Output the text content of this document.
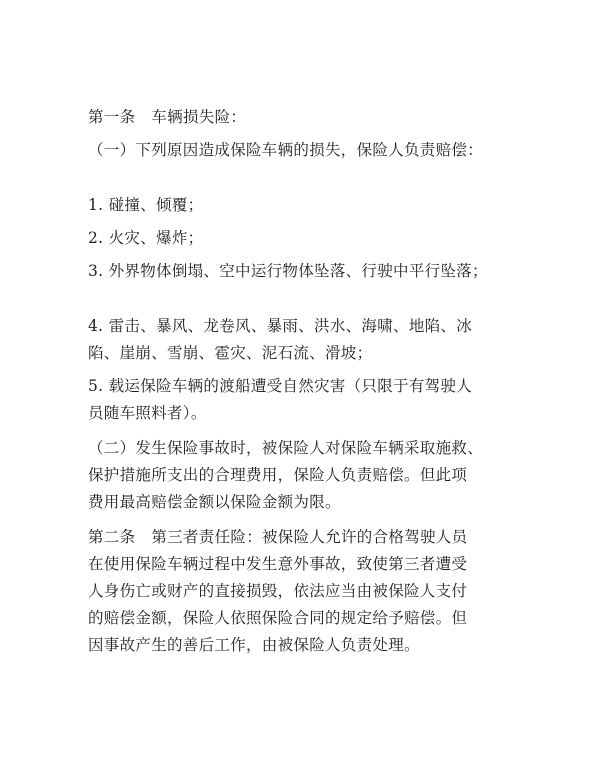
第一条 车辆损失险：

（一）下列原因造成保险车辆的损失，保险人负责赔偿：

1. 碰撞、倾覆；

2. 火灾、爆炸；

3. 外界物体倒塌、空中运行物体坠落、行驶中平行坠落；

4. 雷击、暴风、龙卷风、暴雨、洪水、海啸、地陷、冰

陷、崖崩、雪崩、雹灾、泥石流、滑坡；

5. 载运保险车辆的渡船遭受自然灾害（只限于有驾驶人

员随车照料者）。

（二）发生保险事故时，被保险人对保险车辆采取施救、

保护措施所支出的合理费用，保险人负责赔偿。但此项

费用最高赔偿金额以保险金额为限。

第二条 第三者责任险：被保险人允许的合格驾驶人员

在使用保险车辆过程中发生意外事故，致使第三者遭受

人身伤亡或财产的直接损毁，依法应当由被保险人支付

的赔偿金额，保险人依照保险合同的规定给予赔偿。但

因事故产生的善后工作，由被保险人负责处理。
